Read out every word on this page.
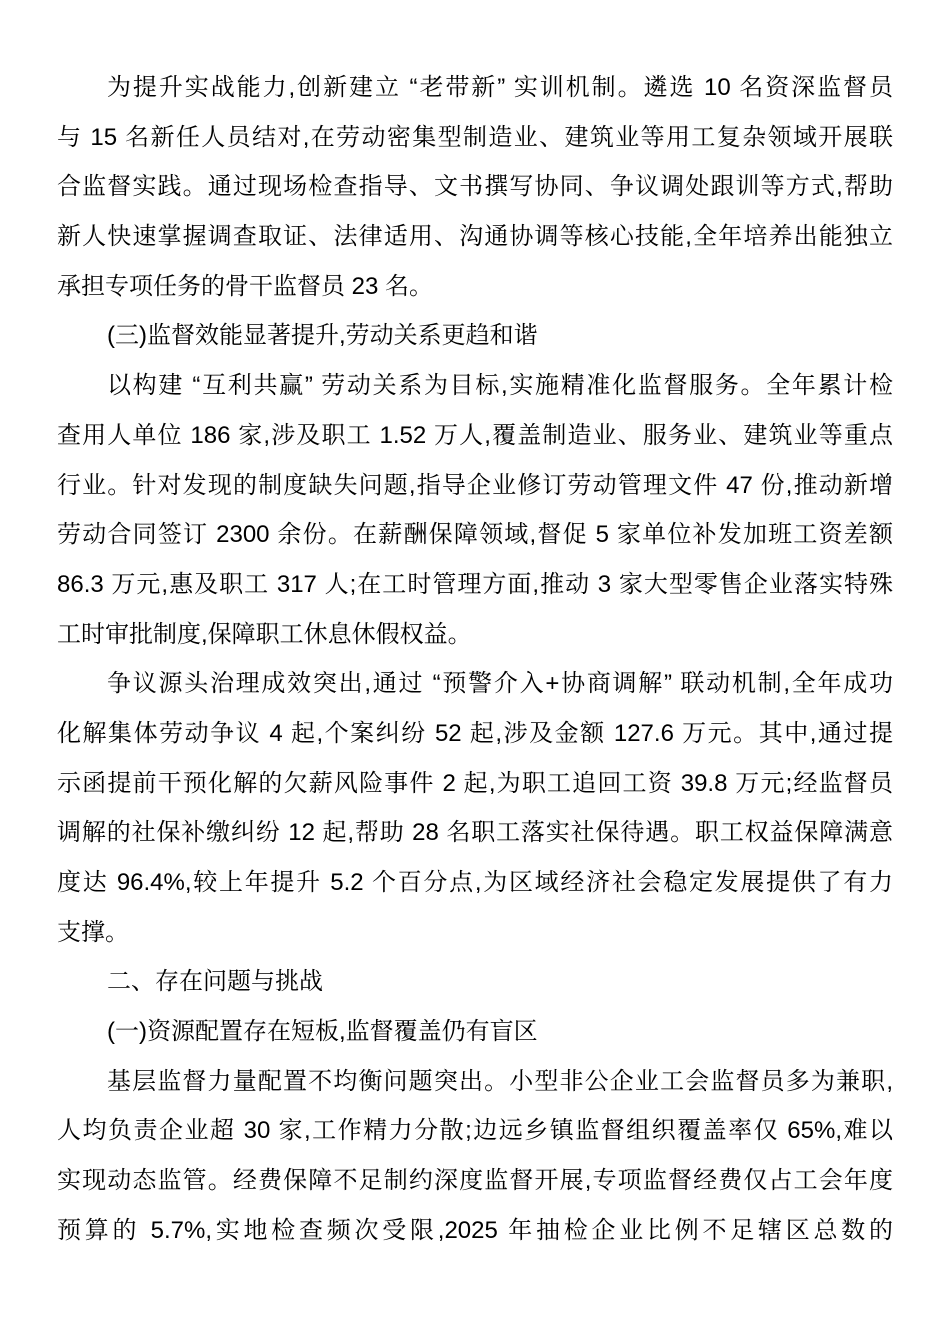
为提升实战能力,创新建立 “老带新” 实训机制。遴选 10 名资深监督员
与 15 名新任人员结对,在劳动密集型制造业、建筑业等用工复杂领域开展联
合监督实践。通过现场检查指导、文书撰写协同、争议调处跟训等方式,帮助
新人快速掌握调查取证、法律适用、沟通协调等核心技能,全年培养出能独立
承担专项任务的骨干监督员 23 名。
(三)监督效能显著提升,劳动关系更趋和谐
以构建 “互利共赢” 劳动关系为目标,实施精准化监督服务。全年累计检
查用人单位 186 家,涉及职工 1.52 万人,覆盖制造业、服务业、建筑业等重点
行业。针对发现的制度缺失问题,指导企业修订劳动管理文件 47 份,推动新增
劳动合同签订 2300 余份。在薪酬保障领域,督促 5 家单位补发加班工资差额
86.3 万元,惠及职工 317 人;在工时管理方面,推动 3 家大型零售企业落实特殊
工时审批制度,保障职工休息休假权益。
争议源头治理成效突出,通过 “预警介入+协商调解” 联动机制,全年成功
化解集体劳动争议 4 起,个案纠纷 52 起,涉及金额 127.6 万元。其中,通过提
示函提前干预化解的欠薪风险事件 2 起,为职工追回工资 39.8 万元;经监督员
调解的社保补缴纠纷 12 起,帮助 28 名职工落实社保待遇。职工权益保障满意
度达 96.4%,较上年提升 5.2 个百分点,为区域经济社会稳定发展提供了有力
支撑。
二、存在问题与挑战
(一)资源配置存在短板,监督覆盖仍有盲区
基层监督力量配置不均衡问题突出。小型非公企业工会监督员多为兼职,
人均负责企业超 30 家,工作精力分散;边远乡镇监督组织覆盖率仅 65%,难以
实现动态监管。经费保障不足制约深度监督开展,专项监督经费仅占工会年度
预算的 5.7%,实地检查频次受限,2025 年抽检企业比例不足辖区总数的
